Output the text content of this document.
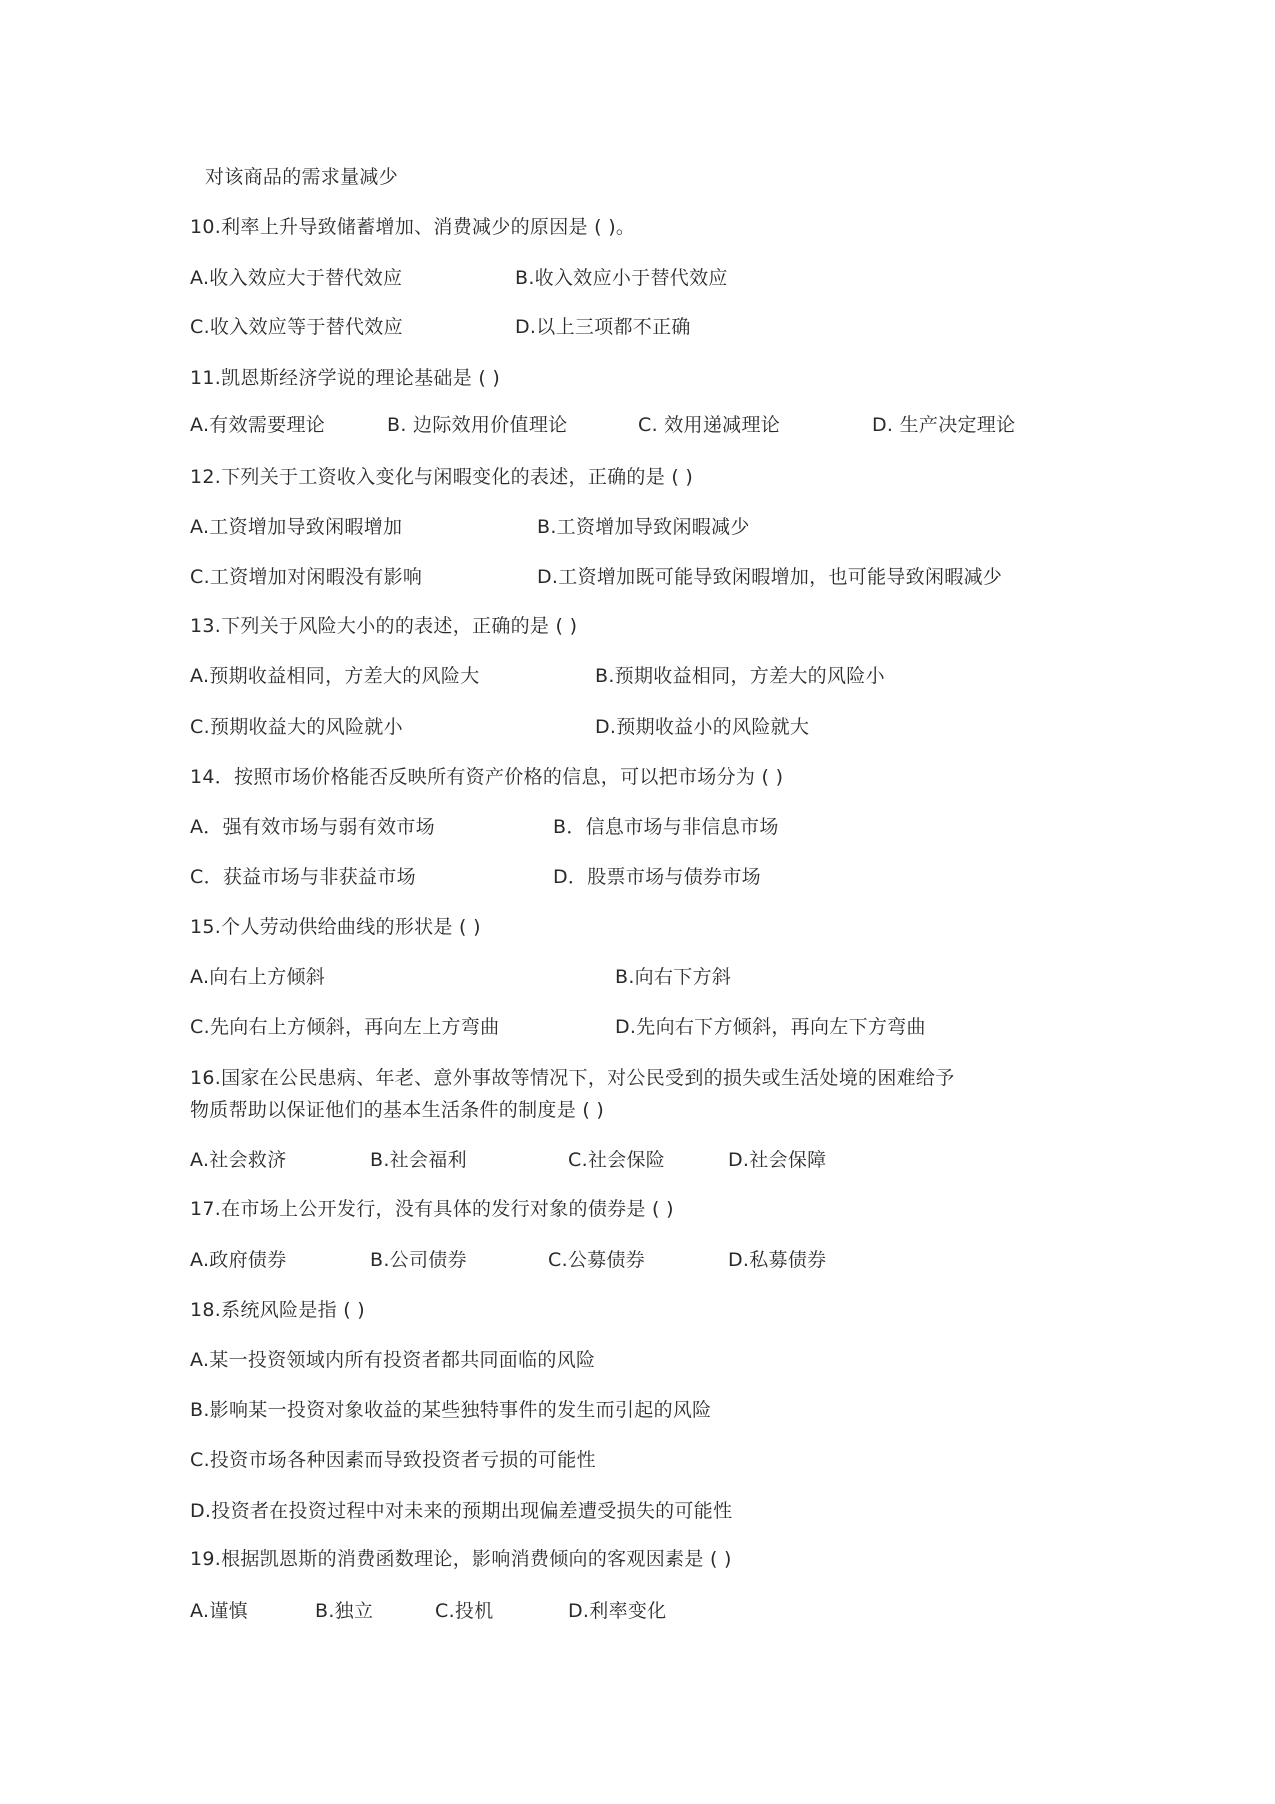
对该商品的需求量减少
10.利率上升导致储蓄增加、消费减少的原因是 ( )。
A.收入效应大于替代效应	B.收入效应小于替代效应
C.收入效应等于替代效应	D.以上三项都不正确
11.凯恩斯经济学说的理论基础是 ( )
A.有效需要理论	B. 边际效用价值理论	C. 效用递减理论	D. 生产决定理论
12.下列关于工资收入变化与闲暇变化的表述，正确的是 ( )
A.工资增加导致闲暇增加	B.工资增加导致闲暇减少
C.工资增加对闲暇没有影响	D.工资增加既可能导致闲暇增加，也可能导致闲暇减少
13.下列关于风险大小的的表述，正确的是 ( )
A.预期收益相同，方差大的风险大	B.预期收益相同，方差大的风险小
C.预期收益大的风险就小	D.预期收益小的风险就大
14．按照市场价格能否反映所有资产价格的信息，可以把市场分为 ( )
A．强有效市场与弱有效市场	B．信息市场与非信息市场
C．获益市场与非获益市场	D．股票市场与债券市场
15.个人劳动供给曲线的形状是 ( )
A.向右上方倾斜	B.向右下方斜
C.先向右上方倾斜，再向左上方弯曲	D.先向右下方倾斜，再向左下方弯曲
16.国家在公民患病、年老、意外事故等情况下，对公民受到的损失或生活处境的困难给予
物质帮助以保证他们的基本生活条件的制度是 ( )
A.社会救济	B.社会福利	C.社会保险	D.社会保障
17.在市场上公开发行，没有具体的发行对象的债券是 ( )
A.政府债券	B.公司债券	C.公募债券	D.私募债券
18.系统风险是指 ( )
A.某一投资领域内所有投资者都共同面临的风险
B.影响某一投资对象收益的某些独特事件的发生而引起的风险
C.投资市场各种因素而导致投资者亏损的可能性
D.投资者在投资过程中对未来的预期出现偏差遭受损失的可能性
19.根据凯恩斯的消费函数理论，影响消费倾向的客观因素是 ( )
A.谨慎	B.独立	C.投机	D.利率变化
